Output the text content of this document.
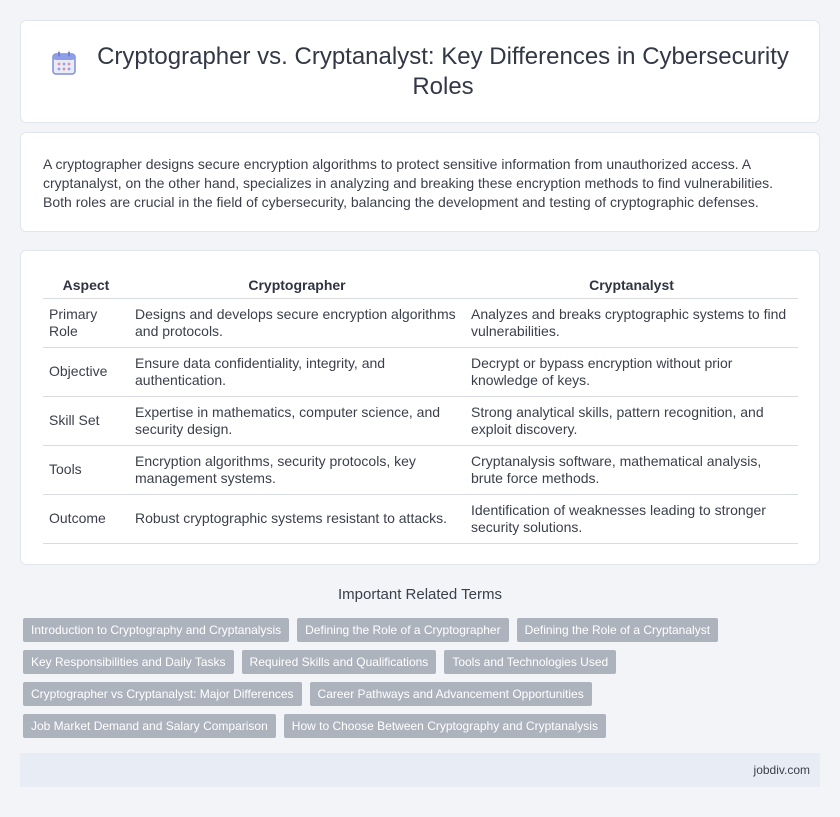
Cryptographer vs. Cryptanalyst: Key Differences in Cybersecurity Roles

A cryptographer designs secure encryption algorithms to protect sensitive information from unauthorized access. A cryptanalyst, on the other hand, specializes in analyzing and breaking these encryption methods to find vulnerabilities. Both roles are crucial in the field of cybersecurity, balancing the development and testing of cryptographic defenses.

Aspect	Cryptographer	Cryptanalyst
Primary Role	Designs and develops secure encryption algorithms and protocols.	Analyzes and breaks cryptographic systems to find vulnerabilities.
Objective	Ensure data confidentiality, integrity, and authentication.	Decrypt or bypass encryption without prior knowledge of keys.
Skill Set	Expertise in mathematics, computer science, and security design.	Strong analytical skills, pattern recognition, and exploit discovery.
Tools	Encryption algorithms, security protocols, key management systems.	Cryptanalysis software, mathematical analysis, brute force methods.
Outcome	Robust cryptographic systems resistant to attacks.	Identification of weaknesses leading to stronger security solutions.
Important Related Terms
Introduction to Cryptography and Cryptanalysis	Defining the Role of a Cryptographer	Defining the Role of a Cryptanalyst
Key Responsibilities and Daily Tasks	Required Skills and Qualifications	Tools and Technologies Used
Cryptographer vs Cryptanalyst: Major Differences	Career Pathways and Advancement Opportunities
Job Market Demand and Salary Comparison	How to Choose Between Cryptography and Cryptanalysis
jobdiv.com
